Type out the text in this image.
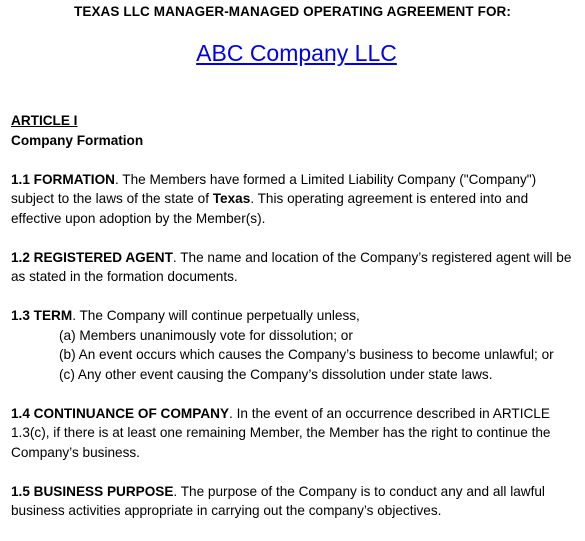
TEXAS LLC MANAGER-MANAGED OPERATING AGREEMENT FOR:
ABC Company LLC

ARTICLE I

Company Formation

1.1 FORMATION. The Members have formed a Limited Liability Company ("Company") subject to the laws of the state of Texas. This operating agreement is entered into and effective upon adoption by the Member(s).

1.2 REGISTERED AGENT. The name and location of the Company’s registered agent will be as stated in the formation documents.

1.3 TERM. The Company will continue perpetually unless,

(a) Members unanimously vote for dissolution; or
(b) An event occurs which causes the Company’s business to become unlawful; or
(c) Any other event causing the Company’s dissolution under state laws.

1.4 CONTINUANCE OF COMPANY. In the event of an occurrence described in ARTICLE 1.3(c), if there is at least one remaining Member, the Member has the right to continue the Company’s business.

1.5 BUSINESS PURPOSE. The purpose of the Company is to conduct any and all lawful business activities appropriate in carrying out the company’s objectives.
